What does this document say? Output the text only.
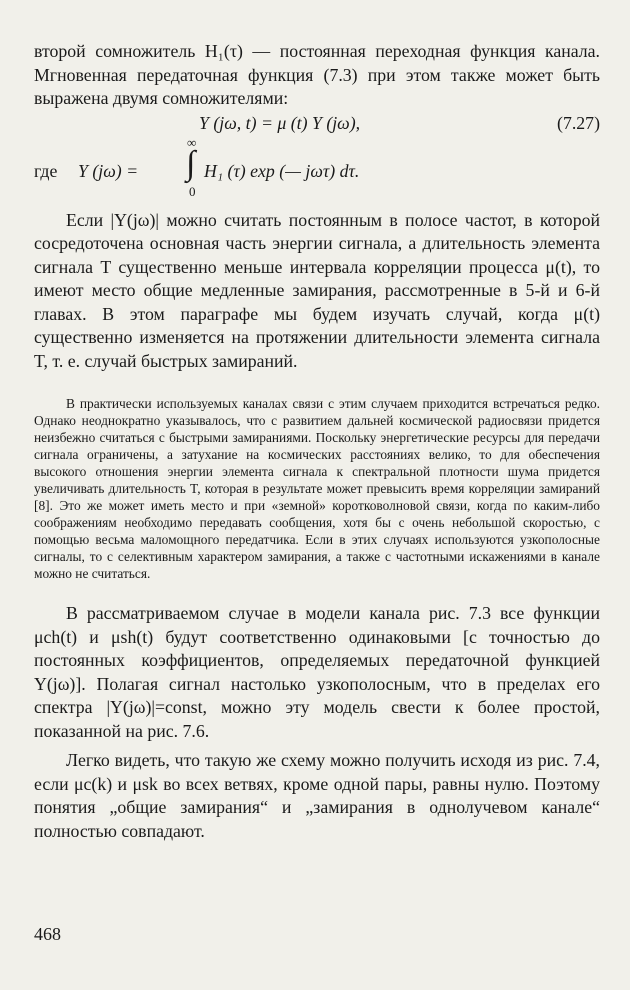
второй сомножитель H₁(τ) — постоянная переходная функция канала. Мгновенная передаточная функция (7.3) при этом также может быть выражена двумя сомножителями:

Y (jω, t) = μ (t) Y (jω),	(7.27)
где Y (jω) =
∞
∫
0
H₁ (τ) exp (— jωτ) dτ.

Если |Y(jω)| можно считать постоянным в полосе частот, в которой сосредоточена основная часть энергии сигнала, а длительность элемента сигнала T существенно меньше интервала корреляции процесса μ(t), то имеют место общие медленные замирания, рассмотренные в 5-й и 6-й главах. В этом параграфе мы будем изучать случай, когда μ(t) существенно изменяется на протяжении длительности элемента сигнала T, т. е. случай быстрых замираний.

В практически используемых каналах связи с этим случаем приходится встречаться редко. Однако неоднократно указывалось, что с развитием дальней космической радиосвязи придется неизбежно считаться с быстрыми замираниями. Поскольку энергетические ресурсы для передачи сигнала ограничены, а затухание на космических расстояниях велико, то для обеспечения высокого отношения энергии элемента сигнала к спектральной плотности шума придется увеличивать длительность T, которая в результате может превысить время корреляции замираний [8]. Это же может иметь место и при «земной» коротковолновой связи, когда по каким-либо соображениям необходимо передавать сообщения, хотя бы с очень небольшой скоростью, с помощью весьма маломощного передатчика. Если в этих случаях используются узкополосные сигналы, то с селективным характером замирания, а также с частотными искажениями в канале можно не считаться.

В рассматриваемом случае в модели канала рис. 7.3 все функции μch(t) и μsh(t) будут соответственно одинаковыми [с точностью до постоянных коэффициентов, определяемых передаточной функцией Y(jω)]. Полагая сигнал настолько узкополосным, что в пределах его спектра |Y(jω)|=const, можно эту модель свести к более простой, показанной на рис. 7.6.

Легко видеть, что такую же схему можно получить исходя из рис. 7.4, если μc(k) и μsk во всех ветвях, кроме одной пары, равны нулю. Поэтому понятия „общие замирания“ и „замирания в однолучевом канале“ полностью совпадают.

468
